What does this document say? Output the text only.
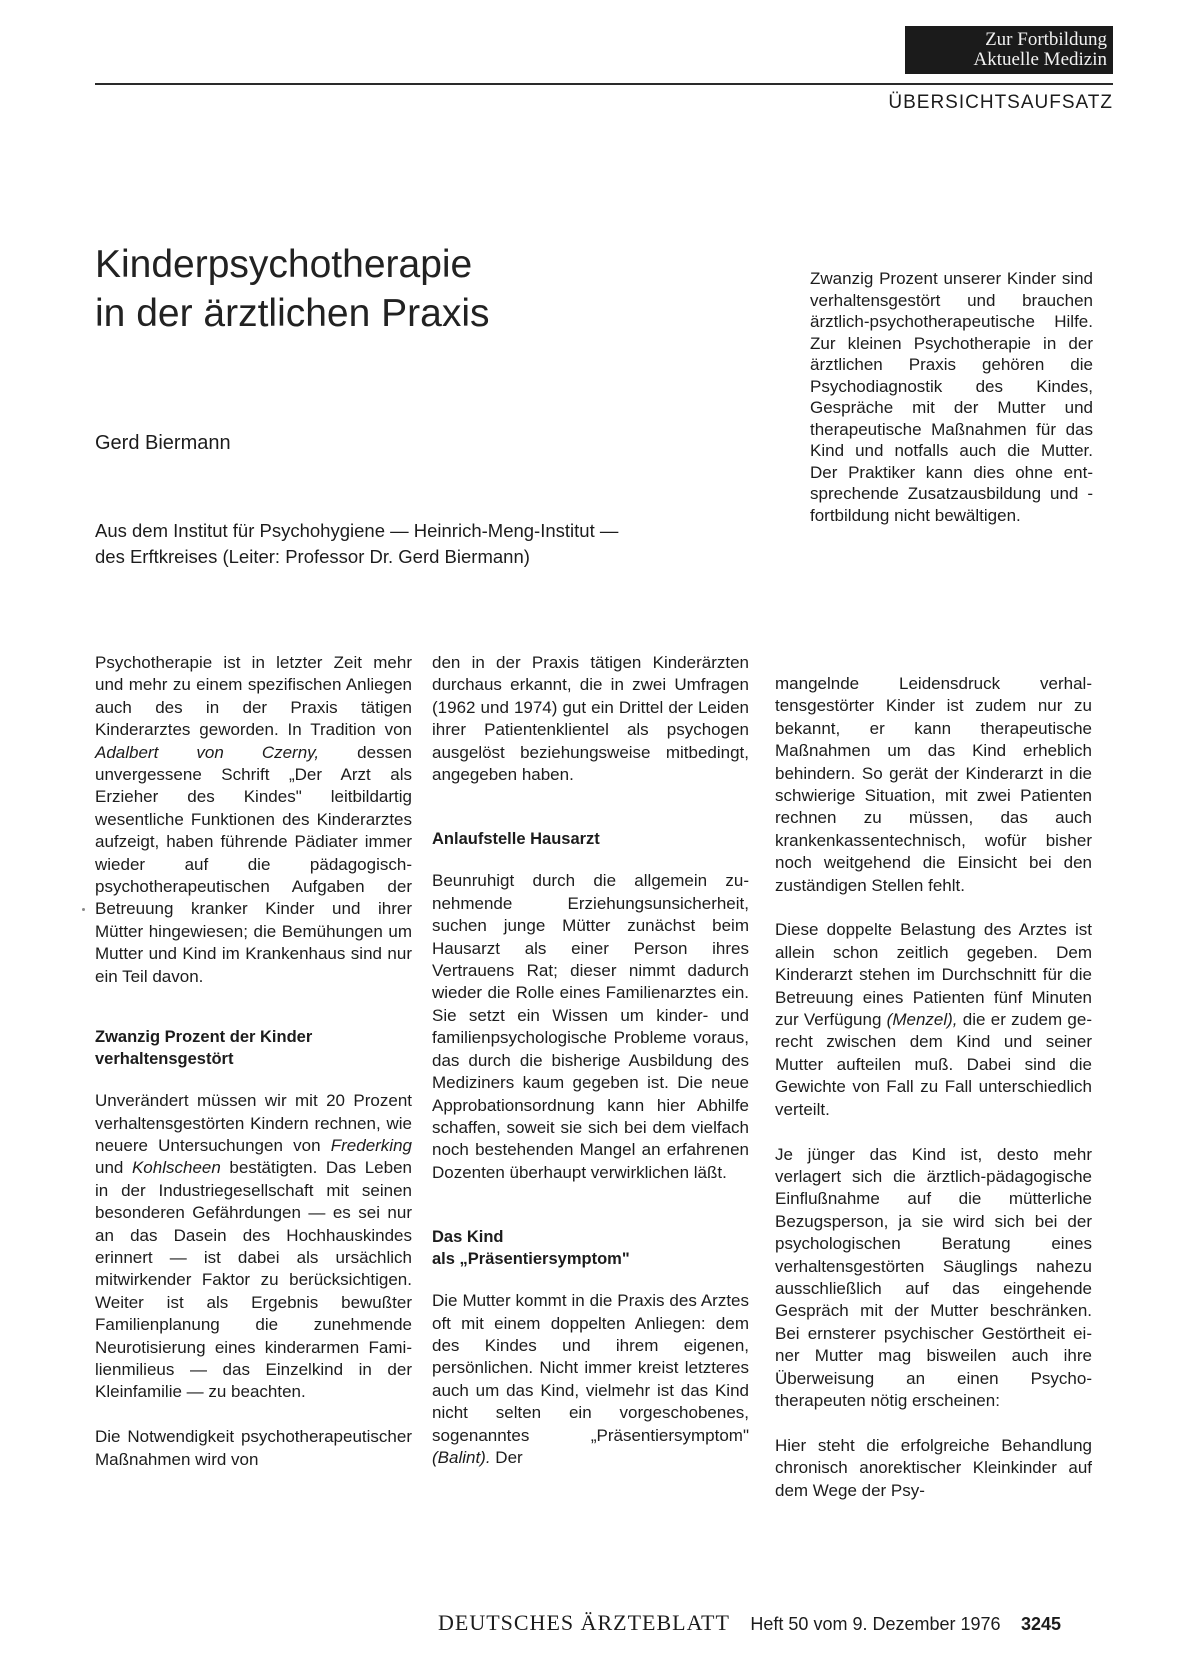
Zur Fortbildung
Aktuelle Medizin
ÜBERSICHTSAUFSATZ
Kinderpsychotherapie
in der ärztlichen Praxis
Gerd Biermann
Aus dem Institut für Psychohygiene — Heinrich-Meng-Institut —
des Erftkreises (Leiter: Professor Dr. Gerd Biermann)
Zwanzig Prozent unserer Kinder sind verhaltensgestört und brauchen ärztlich-psychotherapeutische Hilfe. Zur kleinen Psychotherapie in der ärztlichen Praxis gehören die Psychodiagnostik des Kindes, Gespräche mit der Mutter und therapeutische Maßnahmen für das Kind und notfalls auch die Mutter. Der Praktiker kann dies ohne entsprechende Zusatzausbildung und -fortbildung nicht bewältigen.

Psychotherapie ist in letzter Zeit mehr und mehr zu einem spezifischen Anliegen auch des in der Praxis tätigen Kinderarztes geworden. In Tradition von Adalbert von Czerny, dessen unvergessene Schrift „Der Arzt als Erzieher des Kindes" leitbildartig wesentliche Funktionen des Kinderarztes aufzeigt, haben führende Pädiater immer wieder auf die pädagogisch-psychotherapeutischen Aufgaben der Betreuung kranker Kinder und ihrer Mütter hingewiesen; die Bemühungen um Mutter und Kind im Krankenhaus sind nur ein Teil davon.

Zwanzig Prozent der Kinder
verhaltensgestört

Unverändert müssen wir mit 20 Prozent verhaltensgestörten Kindern rechnen, wie neuere Untersuchungen von Frederking und Kohlscheen bestätigten. Das Leben in der Industriegesellschaft mit seinen besonderen Gefährdungen — es sei nur an das Dasein des Hochhauskindes erinnert — ist dabei als ursächlich mitwirkender Faktor zu berücksichtigen. Weiter ist als Ergebnis bewußter Familienplanung die zunehmende Neurotisierung eines kinderarmen Familienmilieus — das Einzelkind in der Kleinfamilie — zu beachten.

Die Notwendigkeit psychotherapeutischer Maßnahmen wird von

den in der Praxis tätigen Kinderärzten durchaus erkannt, die in zwei Umfragen (1962 und 1974) gut ein Drittel der Leiden ihrer Patientenklientel als psychogen ausgelöst beziehungsweise mitbedingt, angegeben haben.

Anlaufstelle Hausarzt

Beunruhigt durch die allgemein zunehmende Erziehungsunsicherheit, suchen junge Mütter zunächst beim Hausarzt als einer Person ihres Vertrauens Rat; dieser nimmt dadurch wieder die Rolle eines Familienarztes ein. Sie setzt ein Wissen um kinder- und familienpsychologische Probleme voraus, das durch die bisherige Ausbildung des Mediziners kaum gegeben ist. Die neue Approbationsordnung kann hier Abhilfe schaffen, soweit sie sich bei dem vielfach noch bestehenden Mangel an erfahrenen Dozenten überhaupt verwirklichen läßt.

Das Kind
als „Präsentiersymptom"

Die Mutter kommt in die Praxis des Arztes oft mit einem doppelten Anliegen: dem des Kindes und ihrem eigenen, persönlichen. Nicht immer kreist letzteres auch um das Kind, vielmehr ist das Kind nicht selten ein vorgeschobenes, sogenanntes „Präsentiersymptom" (Balint). Der

mangelnde Leidensdruck verhaltensgestörter Kinder ist zudem nur zu bekannt, er kann therapeutische Maßnahmen um das Kind erheblich behindern. So gerät der Kinderarzt in die schwierige Situation, mit zwei Patienten rechnen zu müssen, das auch krankenkassentechnisch, wofür bisher noch weitgehend die Einsicht bei den zuständigen Stellen fehlt.

Diese doppelte Belastung des Arztes ist allein schon zeitlich gegeben. Dem Kinderarzt stehen im Durchschnitt für die Betreuung eines Patienten fünf Minuten zur Verfügung (Menzel), die er zudem gerecht zwischen dem Kind und seiner Mutter aufteilen muß. Dabei sind die Gewichte von Fall zu Fall unterschiedlich verteilt.

Je jünger das Kind ist, desto mehr verlagert sich die ärztlich-pädagogische Einflußnahme auf die mütterliche Bezugsperson, ja sie wird sich bei der psychologischen Beratung eines verhaltensgestörten Säuglings nahezu ausschließlich auf das eingehende Gespräch mit der Mutter beschränken. Bei ernsterer psychischer Gestörtheit einer Mutter mag bisweilen auch ihre Überweisung an einen Psychotherapeuten nötig erscheinen:

Hier steht die erfolgreiche Behandlung chronisch anorektischer Kleinkinder auf dem Wege der Psy-

DEUTSCHES ÄRZTEBLATT Heft 50 vom 9. Dezember 1976 3245
